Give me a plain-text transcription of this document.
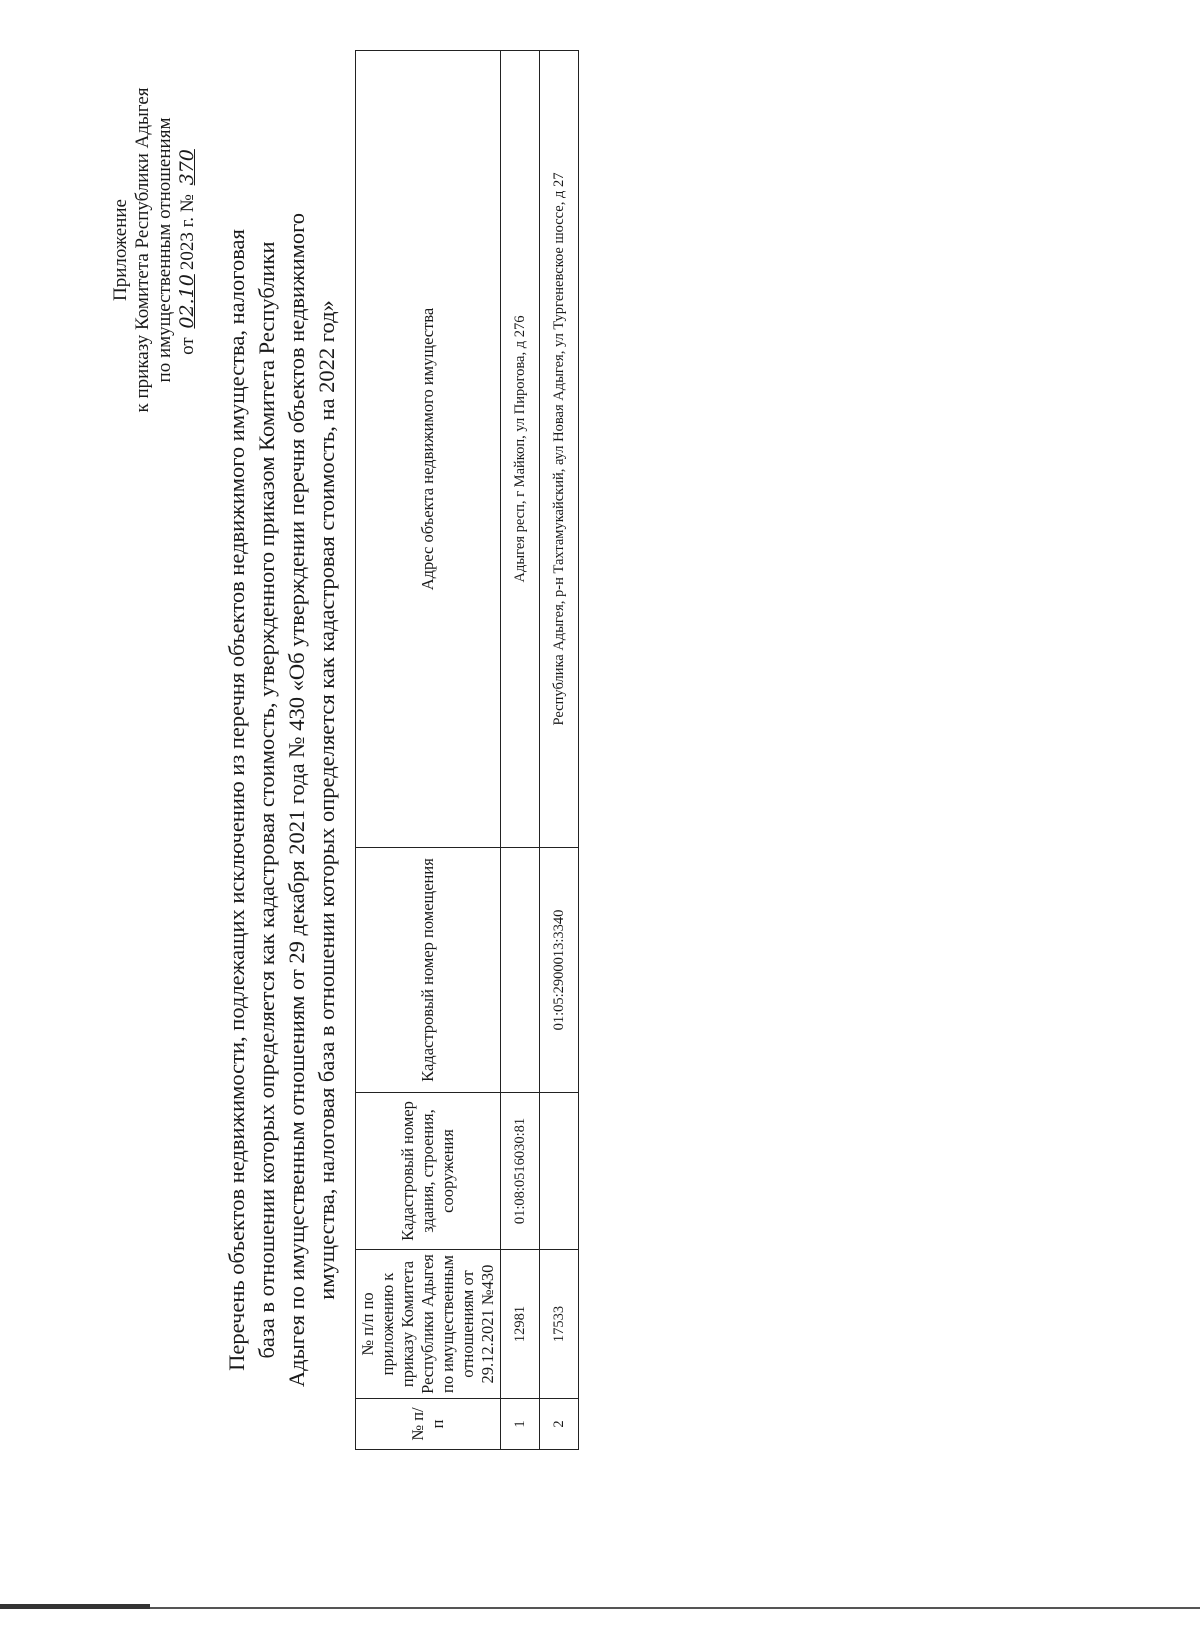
Приложение к приказу Комитета Республики Адыгея по имущественным отношениям от 02.102023 г. № 370
Перечень объектов недвижимости, подлежащих исключению из перечня объектов недвижимого имущества, налоговая база в отношении которых определяется как кадастровая стоимость, утвержденного приказом Комитета Республики Адыгея по имущественным отношениям от 29 декабря 2021 года № 430 «Об утверждении перечня объектов недвижимого имущества, налоговая база в отношении которых определяется как кадастровая стоимость, на 2022 год»
№ п/п	№ п/п по приложению к приказу Комитета Республики Адыгея по имущественным отношениям от 29.12.2021 №430	Кадастровый номер здания, строения, сооружения	Кадастровый номер помещения	Адрес объекта недвижимого имущества
1	12981	01:08:0516030:81		Адыгея респ, г Майкоп, ул Пирогова, д 276
2	17533		01:05:2900013:3340	Республика Адыгея, р-н Тахтамукайский, аул Новая Адыгея, ул Тургеневское шоссе, д 27
